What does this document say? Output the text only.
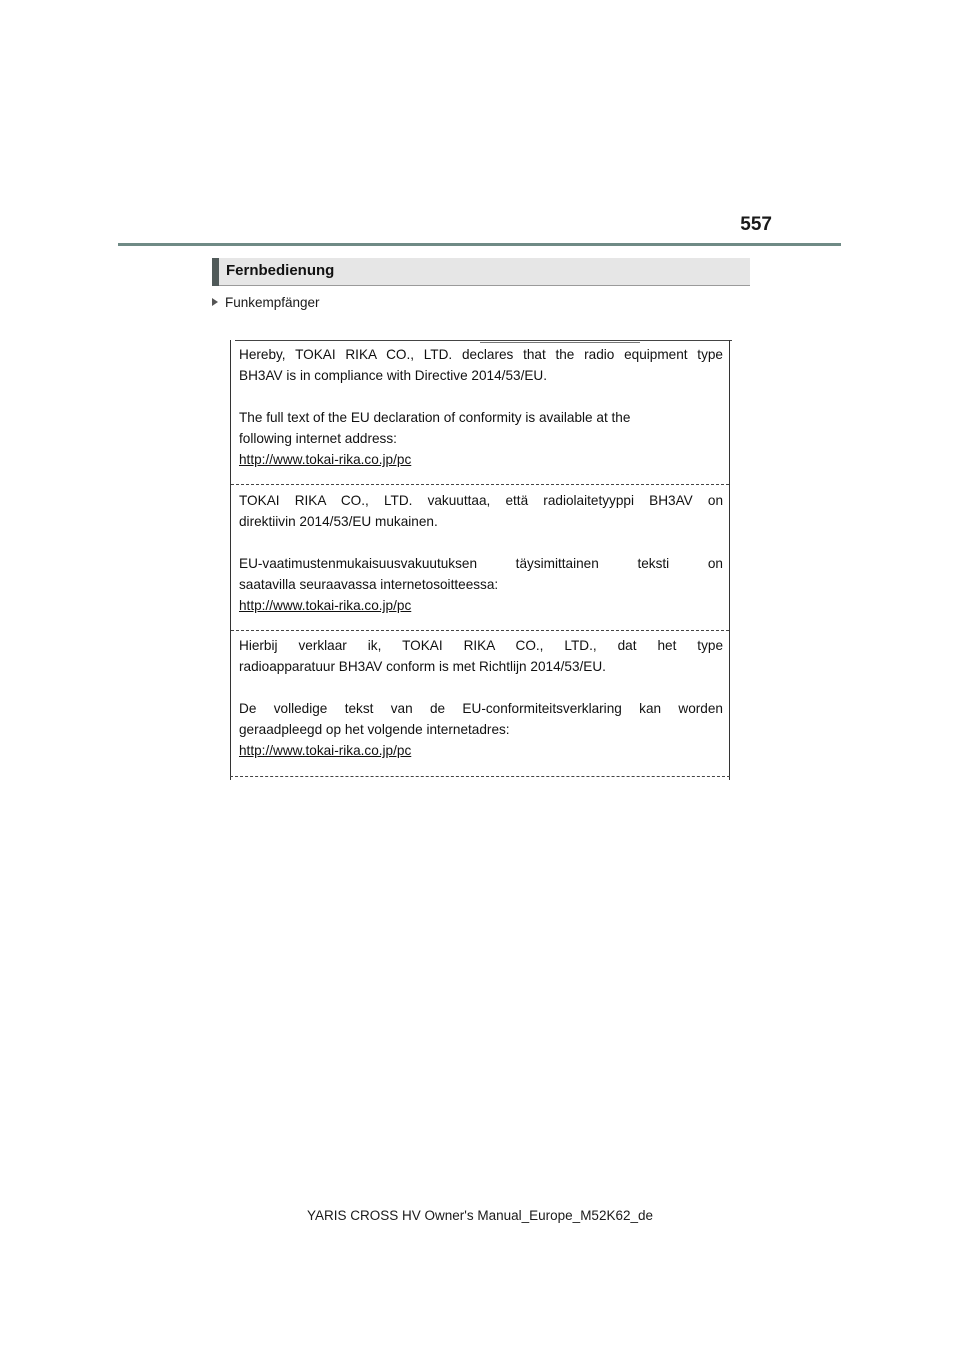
557
Fernbedienung
Funkempfänger

Hereby, TOKAI RIKA CO., LTD. declares that the radio equipment type

BH3AV is in compliance with Directive 2014/53/EU.

The full text of the EU declaration of conformity is available at the

following internet address:

http://www.tokai-rika.co.jp/pc

TOKAI RIKA CO., LTD. vakuuttaa, että radiolaitetyyppi BH3AV on

direktiivin 2014/53/EU mukainen.

EU-vaatimustenmukaisuusvakuutuksen täysimittainen teksti on

saatavilla seuraavassa internetosoitteessa:

http://www.tokai-rika.co.jp/pc

Hierbij verklaar ik, TOKAI RIKA CO., LTD., dat het type

radioapparatuur BH3AV conform is met Richtlijn 2014/53/EU.

De volledige tekst van de EU-conformiteitsverklaring kan worden

geraadpleegd op het volgende internetadres:

http://www.tokai-rika.co.jp/pc

YARIS CROSS HV Owner's Manual_Europe_M52K62_de
